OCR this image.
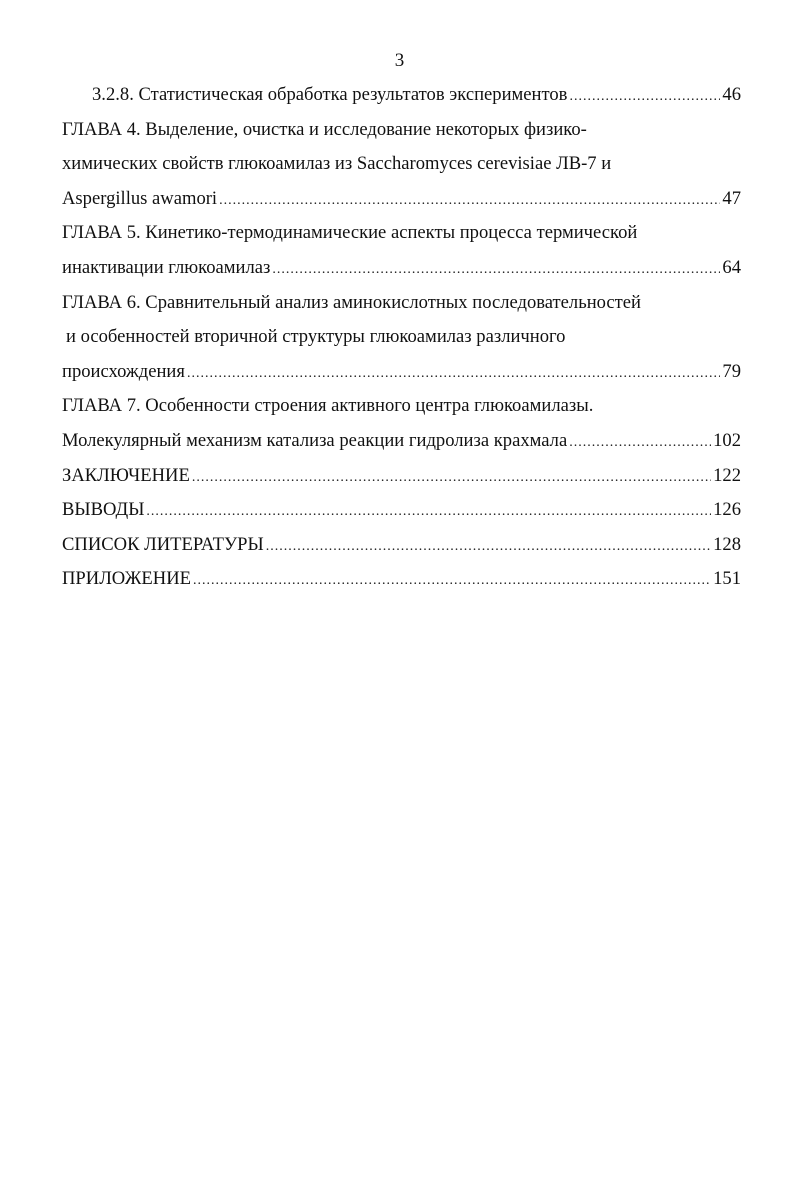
3
3.2.8. Статистическая обработка результатов экспериментов .....	46
ГЛАВА 4. Выделение, очистка и исследование некоторых физико-
химических свойств глюкоамилаз из Saccharomyces cerevisiae ЛВ-7 и
Aspergillus awamori .....	47
ГЛАВА 5. Кинетико-термодинамические аспекты процесса термической
инактивации глюкоамилаз .....	64
ГЛАВА 6. Сравнительный анализ аминокислотных последовательностей
и особенностей вторичной структуры глюкоамилаз различного
происхождения .....	79
ГЛАВА 7. Особенности строения активного центра глюкоамилазы.
Молекулярный механизм катализа реакции гидролиза крахмала .....	102
ЗАКЛЮЧЕНИЕ .....	122
ВЫВОДЫ .....	126
СПИСОК ЛИТЕРАТУРЫ .....	128
ПРИЛОЖЕНИЕ .....	151
